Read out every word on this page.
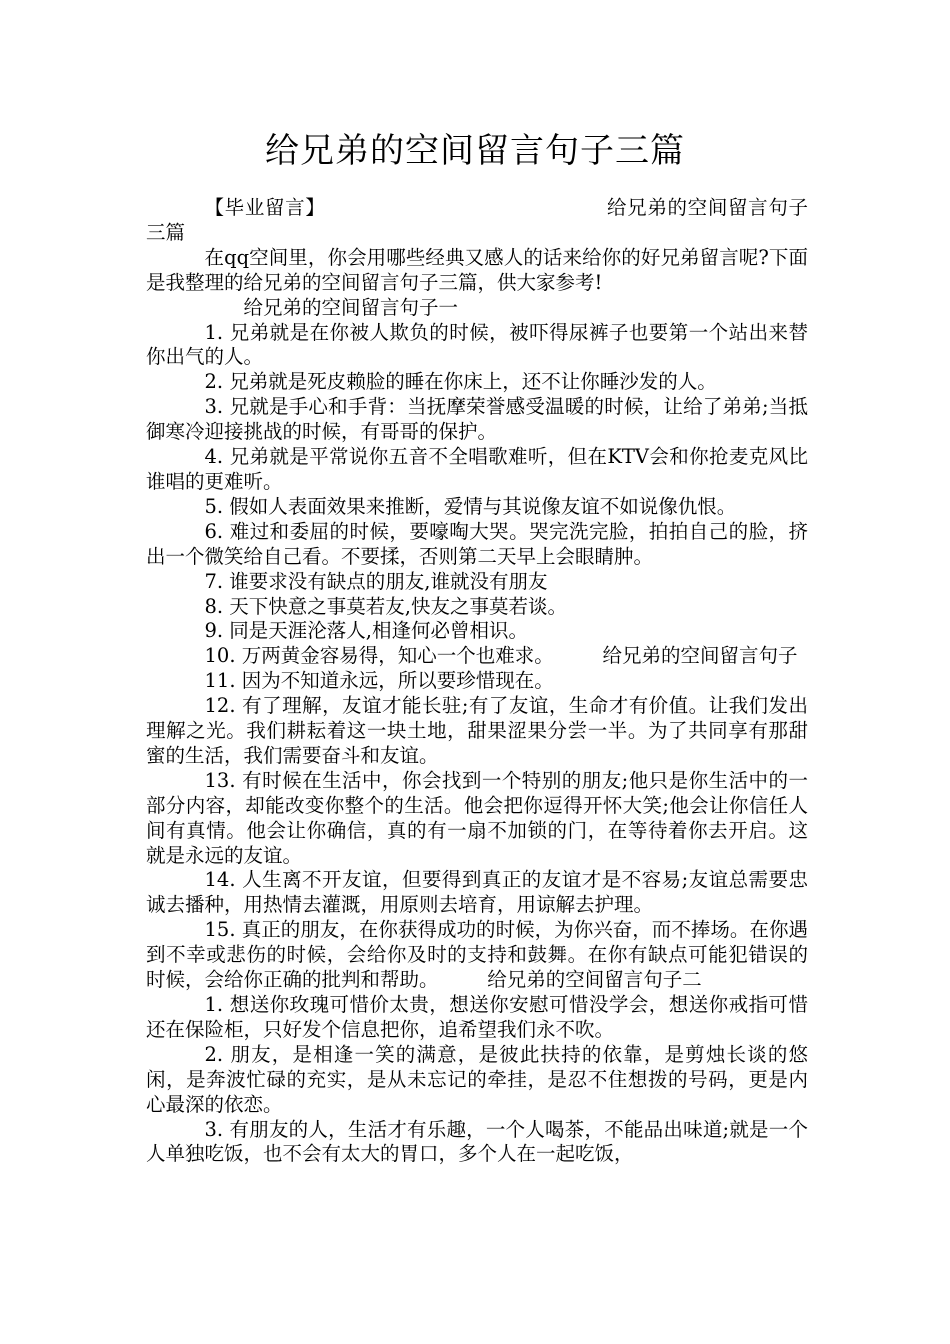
给兄弟的空间留言句子三篇

【毕业留言】	给兄弟的空间留言句子三篇

在qq空间里，你会用哪些经典又感人的话来给你的好兄弟留言呢?下面是我整理的给兄弟的空间留言句子三篇，供大家参考!

给兄弟的空间留言句子一

1. 兄弟就是在你被人欺负的时候，被吓得尿裤子也要第一个站出来替你出气的人。

2. 兄弟就是死皮赖脸的睡在你床上，还不让你睡沙发的人。

3. 兄就是手心和手背：当抚摩荣誉感受温暖的时候，让给了弟弟;当抵御寒冷迎接挑战的时候，有哥哥的保护。

4. 兄弟就是平常说你五音不全唱歌难听，但在KTV会和你抢麦克风比谁唱的更难听。

5. 假如人表面效果来推断，爱情与其说像友谊不如说像仇恨。

6. 难过和委屈的时候，要嚎啕大哭。哭完洗完脸，拍拍自己的脸，挤出一个微笑给自己看。不要揉，否则第二天早上会眼睛肿。

7. 谁要求没有缺点的朋友,谁就没有朋友

8. 天下快意之事莫若友,快友之事莫若谈。

9. 同是天涯沦落人,相逢何必曾相识。

10. 万两黄金容易得，知心一个也难求。	给兄弟的空间留言句子

11. 因为不知道永远，所以要珍惜现在。

12. 有了理解，友谊才能长驻;有了友谊，生命才有价值。让我们发出理解之光。我们耕耘着这一块土地，甜果涩果分尝一半。为了共同享有那甜蜜的生活，我们需要奋斗和友谊。

13. 有时候在生活中，你会找到一个特别的朋友;他只是你生活中的一部分内容，却能改变你整个的生活。他会把你逗得开怀大笑;他会让你信任人间有真情。他会让你确信，真的有一扇不加锁的门，在等待着你去开启。这就是永远的友谊。

14. 人生离不开友谊，但要得到真正的友谊才是不容易;友谊总需要忠诚去播种，用热情去灌溉，用原则去培育，用谅解去护理。

15. 真正的朋友，在你获得成功的时候，为你兴奋，而不捧场。在你遇到不幸或悲伤的时候，会给你及时的支持和鼓舞。在你有缺点可能犯错误的时候，会给你正确的批判和帮助。	给兄弟的空间留言句子二

1. 想送你玫瑰可惜价太贵，想送你安慰可惜没学会，想送你戒指可惜还在保险柜，只好发个信息把你，追希望我们永不吹。

2. 朋友，是相逢一笑的满意，是彼此扶持的依靠，是剪烛长谈的悠闲，是奔波忙碌的充实，是从未忘记的牵挂，是忍不住想拨的号码，更是内心最深的依恋。

3. 有朋友的人，生活才有乐趣，一个人喝茶，不能品出味道;就是一个人单独吃饭，也不会有太大的胃口，多个人在一起吃饭，
